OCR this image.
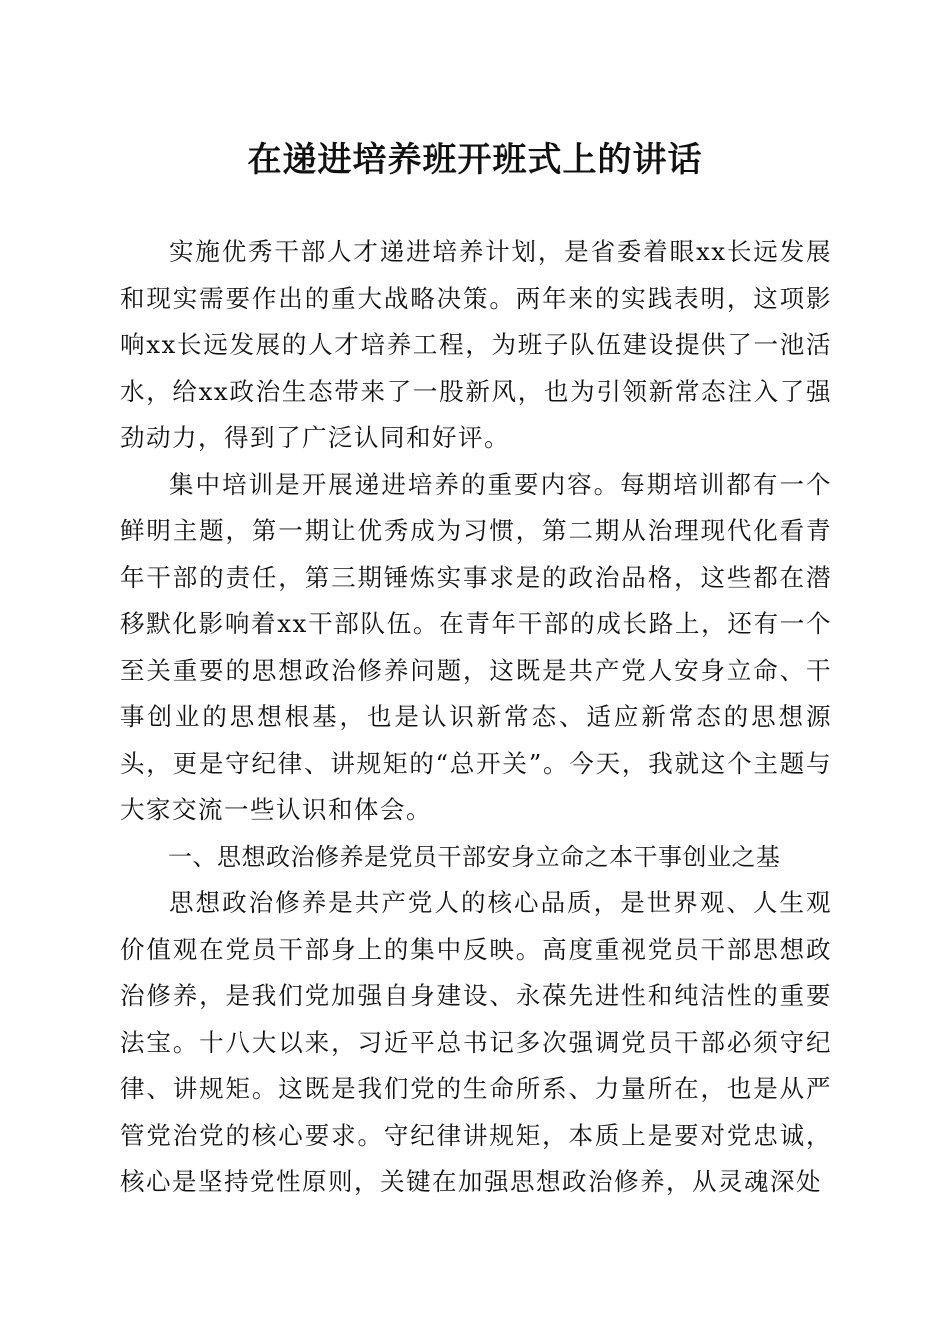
在递进培养班开班式上的讲话

实施优秀干部人才递进培养计划，是省委着眼xx长远发展和现实需要作出的重大战略决策。两年来的实践表明，这项影响xx长远发展的人才培养工程，为班子队伍建设提供了一池活水，给xx政治生态带来了一股新风，也为引领新常态注入了强劲动力，得到了广泛认同和好评。

集中培训是开展递进培养的重要内容。每期培训都有一个鲜明主题，第一期让优秀成为习惯，第二期从治理现代化看青年干部的责任，第三期锤炼实事求是的政治品格，这些都在潜移默化影响着xx干部队伍。在青年干部的成长路上，还有一个至关重要的思想政治修养问题，这既是共产党人安身立命、干事创业的思想根基，也是认识新常态、适应新常态的思想源头，更是守纪律、讲规矩的“总开关”。今天，我就这个主题与大家交流一些认识和体会。

一、思想政治修养是党员干部安身立命之本干事创业之基

思想政治修养是共产党人的核心品质，是世界观、人生观价值观在党员干部身上的集中反映。高度重视党员干部思想政治修养，是我们党加强自身建设、永葆先进性和纯洁性的重要法宝。十八大以来，习近平总书记多次强调党员干部必须守纪律、讲规矩。这既是我们党的生命所系、力量所在，也是从严管党治党的核心要求。守纪律讲规矩，本质上是要对党忠诚，核心是坚持党性原则，关键在加强思想政治修养，从灵魂深处
